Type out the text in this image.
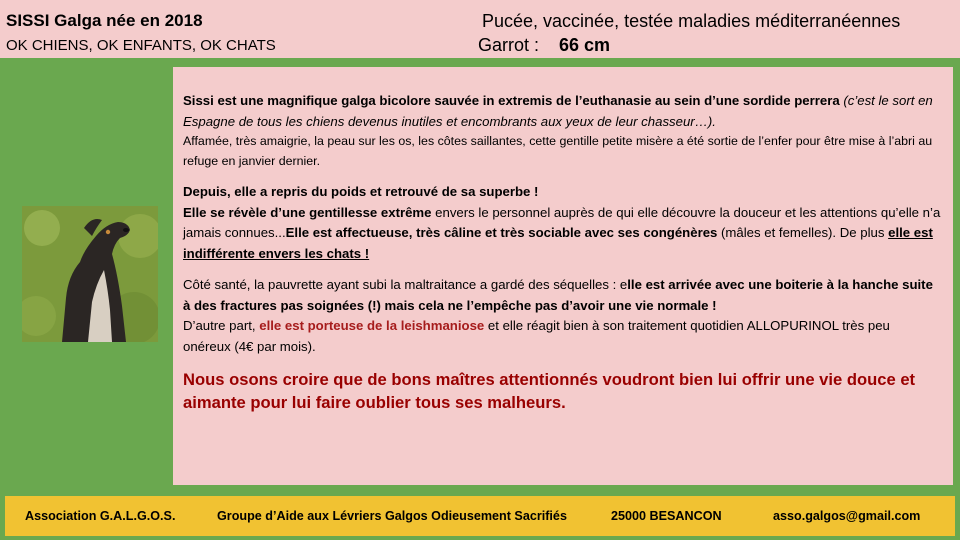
SISSI Galga née en 2018
OK CHIENS, OK ENFANTS, OK CHATS
Pucée, vaccinée, testée maladies méditerranéennes
Garrot : 66 cm

Sissi est une magnifique galga bicolore sauvée in extremis de l’euthanasie au sein d’une sordide perrera (c’est le sort en Espagne de tous les chiens devenus inutiles et encombrants aux yeux de leur chasseur…).

Affamée, très amaigrie, la peau sur les os, les côtes saillantes, cette gentille petite misère a été sortie de l’enfer pour être mise à l’abri au refuge en janvier dernier.

Depuis, elle a repris du poids et retrouvé de sa superbe !

Elle se révèle d’une gentillesse extrême envers le personnel auprès de qui elle découvre la douceur et les attentions qu’elle n’a jamais connues...Elle est affectueuse, très câline et très sociable avec ses congénères (mâles et femelles). De plus elle est indifférente envers les chats !

Côté santé, la pauvrette ayant subi la maltraitance a gardé des séquelles : elle est arrivée avec une boiterie à la hanche suite à des fractures pas soignées (!) mais cela ne l’empêche pas d’avoir une vie normale !

D’autre part, elle est porteuse de la leishmaniose et elle réagit bien à son traitement quotidien ALLOPURINOL très peu onéreux (4€ par mois).

Nous osons croire que de bons maîtres attentionnés voudront bien lui offrir une vie douce et aimante pour lui faire oublier tous ses malheurs.

Association G.A.L.G.O.S.	Groupe d’Aide aux Lévriers Galgos Odieusement Sacrifiés	25000 BESANCON	asso.galgos@gmail.com
